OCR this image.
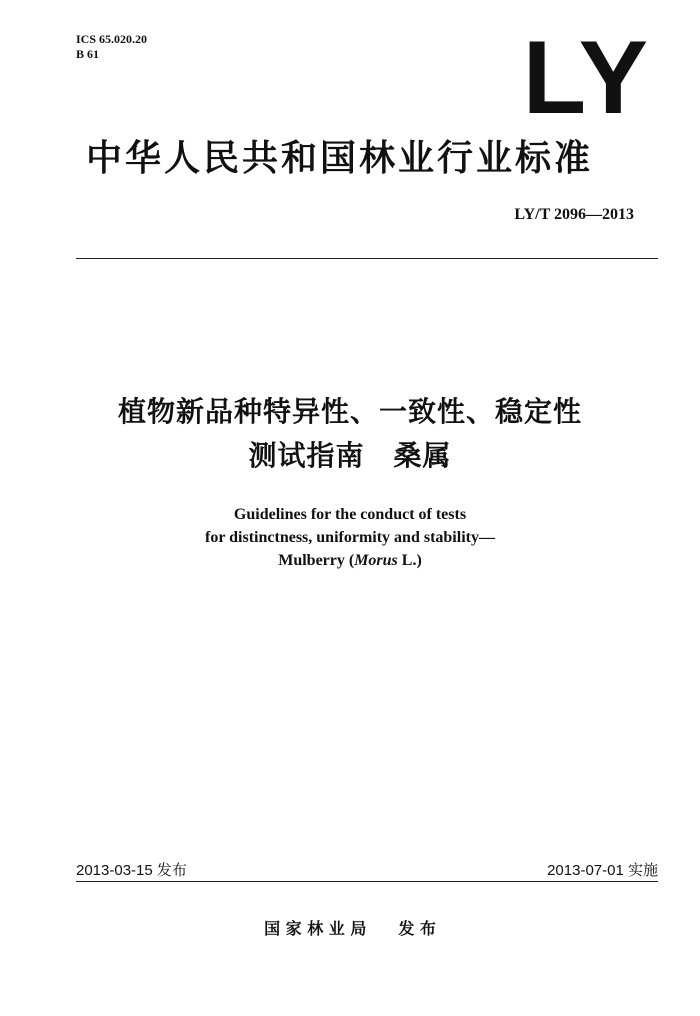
ICS 65.020.20
B 61	LY
中华人民共和国林业行业标准
LY/T 2096—2013
植物新品种特异性、一致性、稳定性
测试指南　桑属
Guidelines for the conduct of tests
for distinctness, uniformity and stability—
Mulberry (Morus L.)
2013-03-15 发布	2013-07-01 实施
国 家 林 业 局　　发 布
